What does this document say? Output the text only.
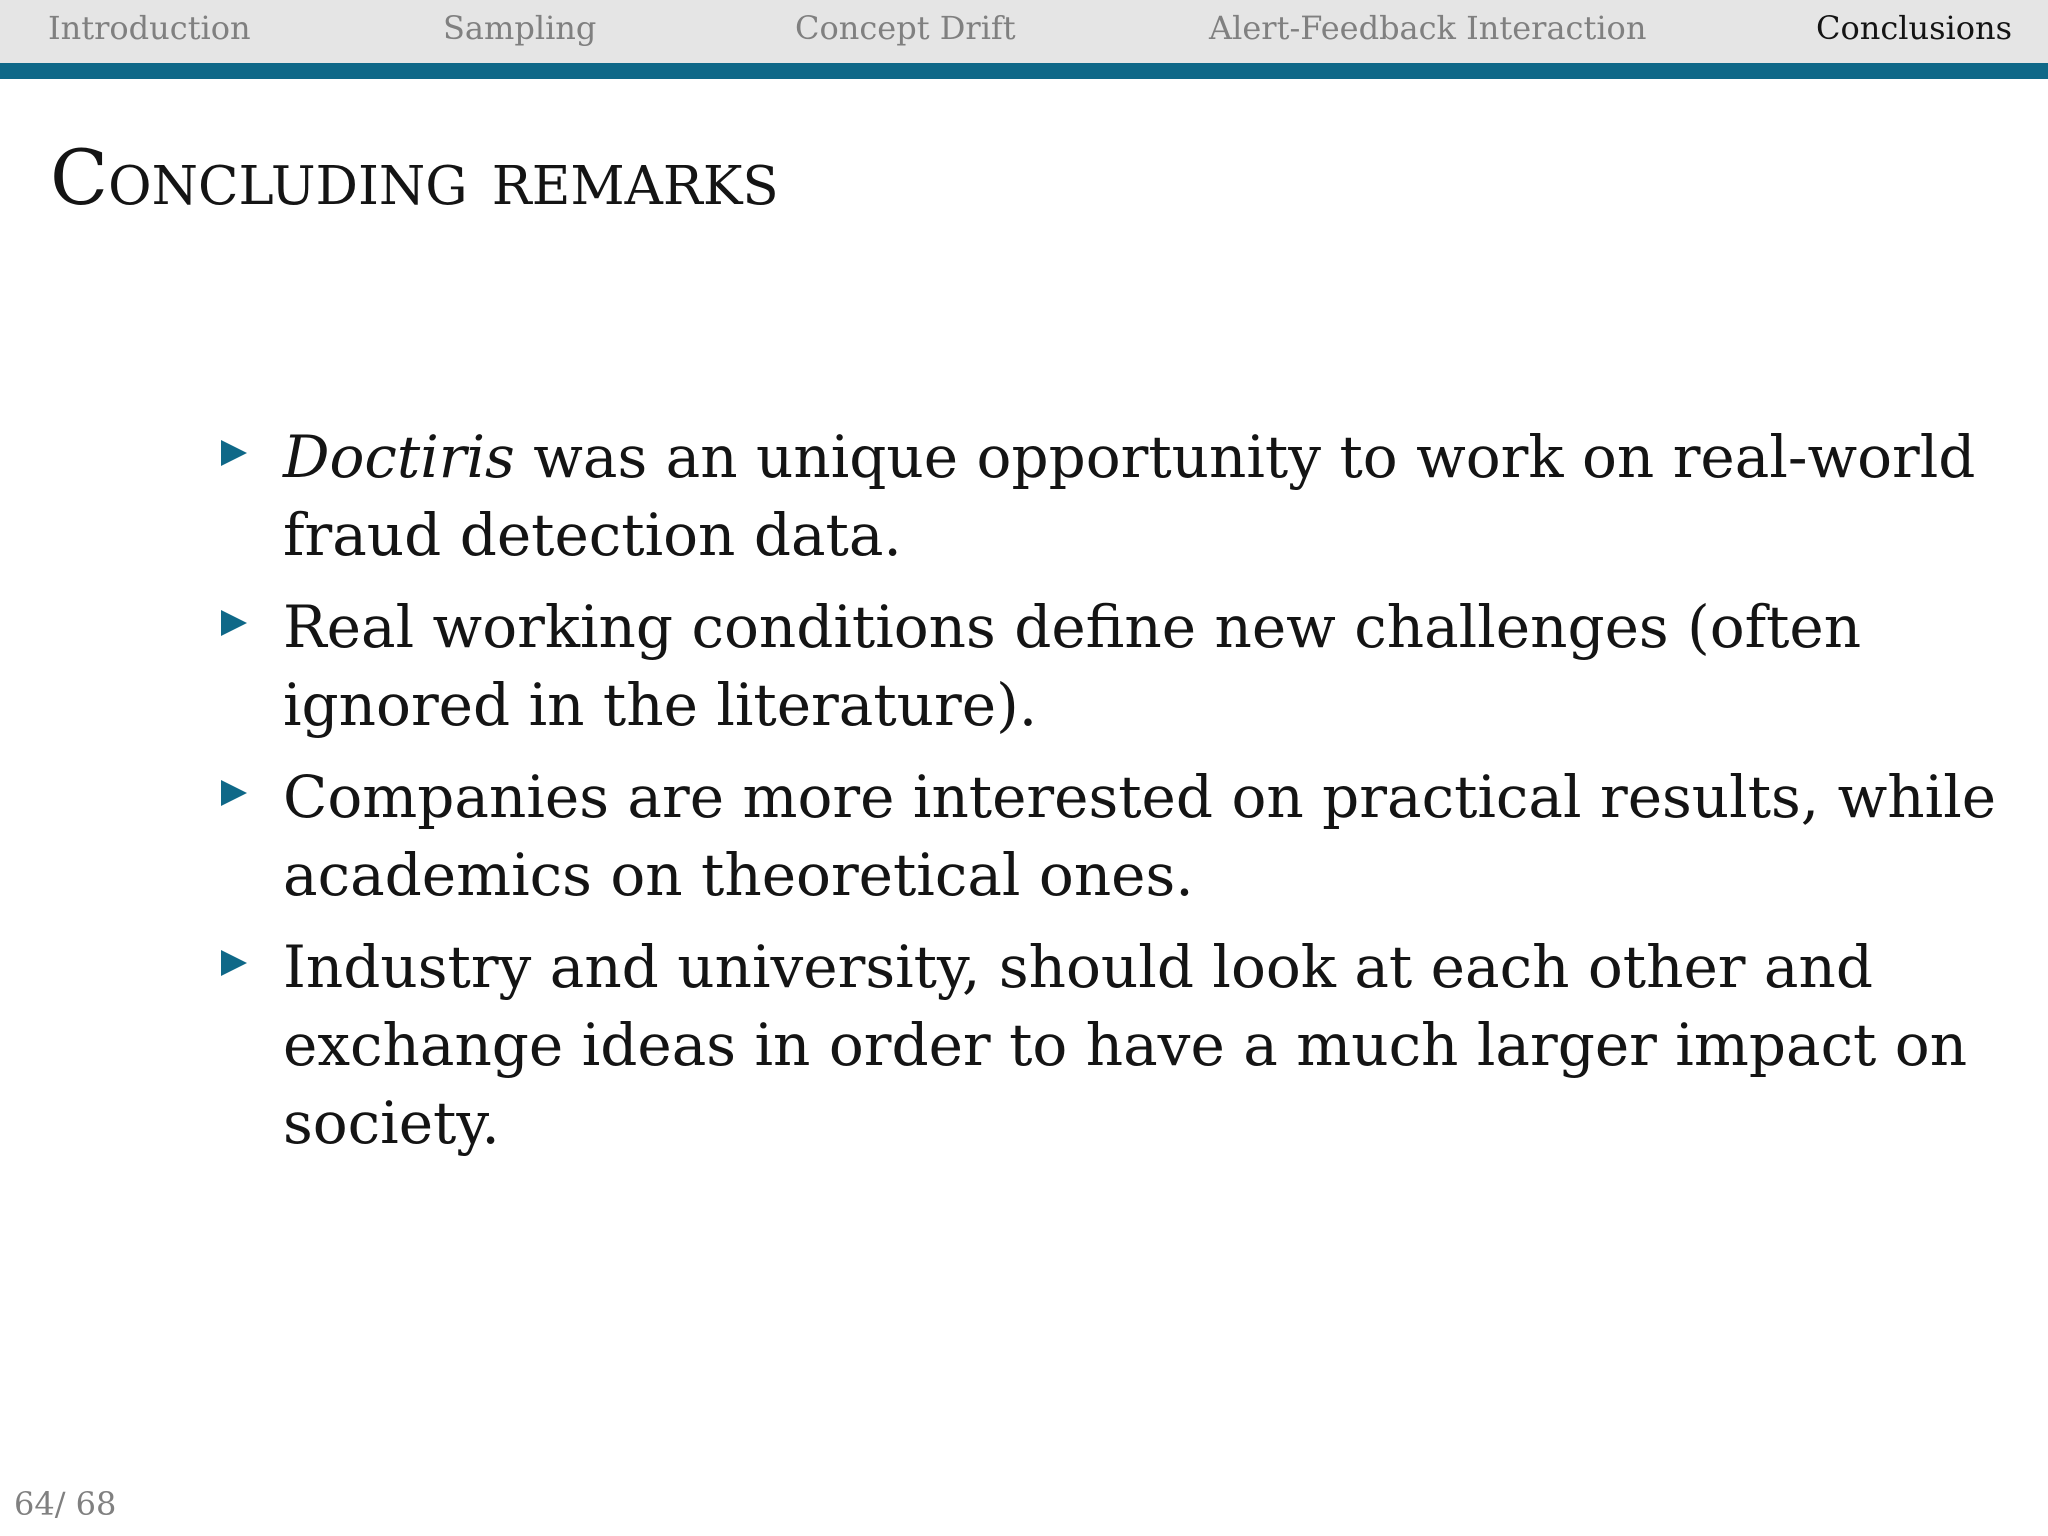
Introduction	Sampling	Concept Drift	Alert-Feedback Interaction	Conclusions
Concluding remarks
Doctiris was an unique opportunity to work on real-world
fraud detection data.
Real working conditions define new challenges (often
ignored in the literature).
Companies are more interested on practical results, while
academics on theoretical ones.
Industry and university, should look at each other and
exchange ideas in order to have a much larger impact on
society.
64/ 68
